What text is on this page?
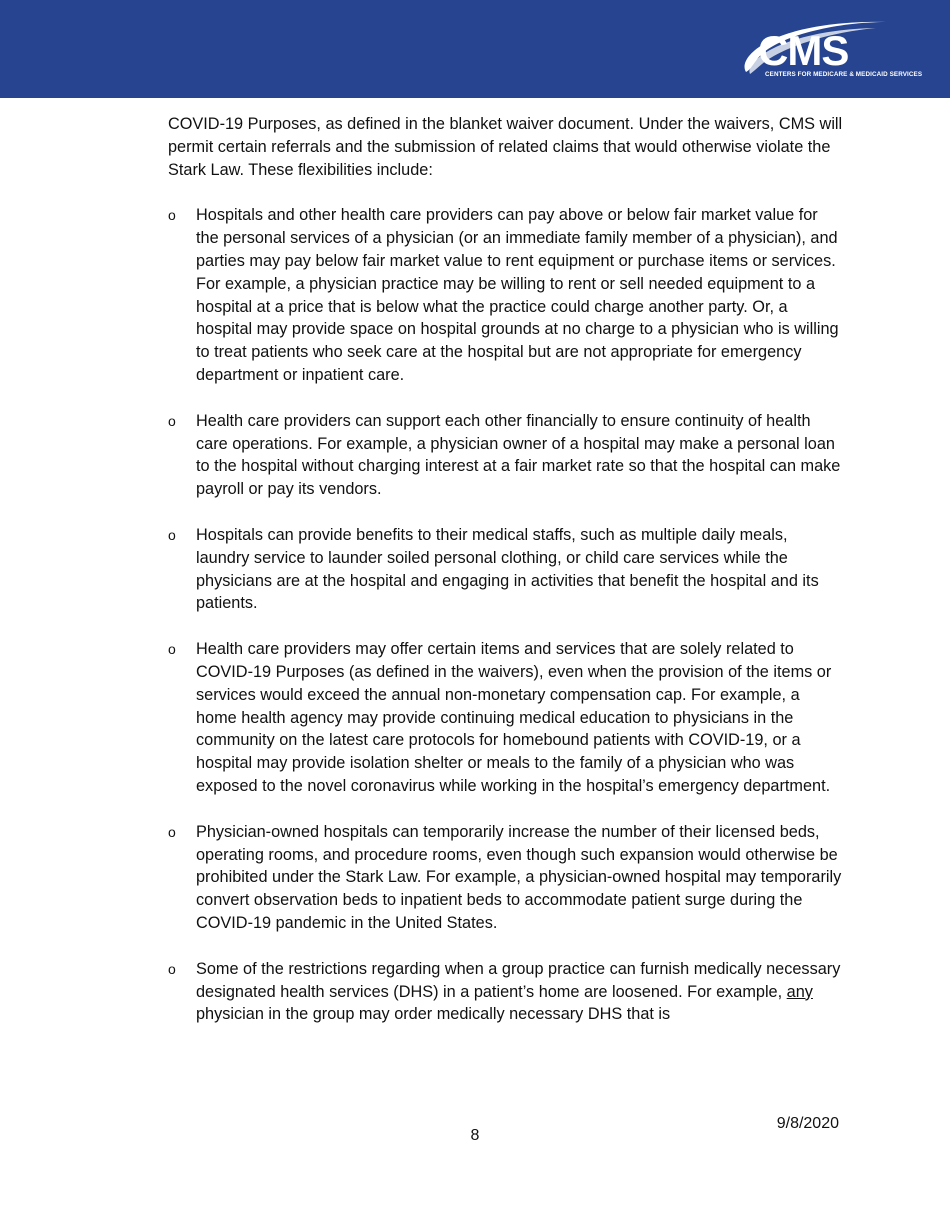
CMS
CENTERS FOR MEDICARE & MEDICAID SERVICES

COVID-19 Purposes, as defined in the blanket waiver document. Under the waivers, CMS will permit certain referrals and the submission of related claims that would otherwise violate the Stark Law. These flexibilities include:

o Hospitals and other health care providers can pay above or below fair market value for the personal services of a physician (or an immediate family member of a physician), and parties may pay below fair market value to rent equipment or purchase items or services. For example, a physician practice may be willing to rent or sell needed equipment to a hospital at a price that is below what the practice could charge another party. Or, a hospital may provide space on hospital grounds at no charge to a physician who is willing to treat patients who seek care at the hospital but are not appropriate for emergency department or inpatient care.
o Health care providers can support each other financially to ensure continuity of health care operations. For example, a physician owner of a hospital may make a personal loan to the hospital without charging interest at a fair market rate so that the hospital can make payroll or pay its vendors.
o Hospitals can provide benefits to their medical staffs, such as multiple daily meals, laundry service to launder soiled personal clothing, or child care services while the physicians are at the hospital and engaging in activities that benefit the hospital and its patients.
o Health care providers may offer certain items and services that are solely related to COVID-19 Purposes (as defined in the waivers), even when the provision of the items or services would exceed the annual non-monetary compensation cap. For example, a home health agency may provide continuing medical education to physicians in the community on the latest care protocols for homebound patients with COVID-19, or a hospital may provide isolation shelter or meals to the family of a physician who was exposed to the novel coronavirus while working in the hospital’s emergency department.
o Physician-owned hospitals can temporarily increase the number of their licensed beds, operating rooms, and procedure rooms, even though such expansion would otherwise be prohibited under the Stark Law. For example, a physician-owned hospital may temporarily convert observation beds to inpatient beds to accommodate patient surge during the COVID-19 pandemic in the United States.
o Some of the restrictions regarding when a group practice can furnish medically necessary designated health services (DHS) in a patient’s home are loosened. For example, any physician in the group may order medically necessary DHS that is
9/8/2020
8
